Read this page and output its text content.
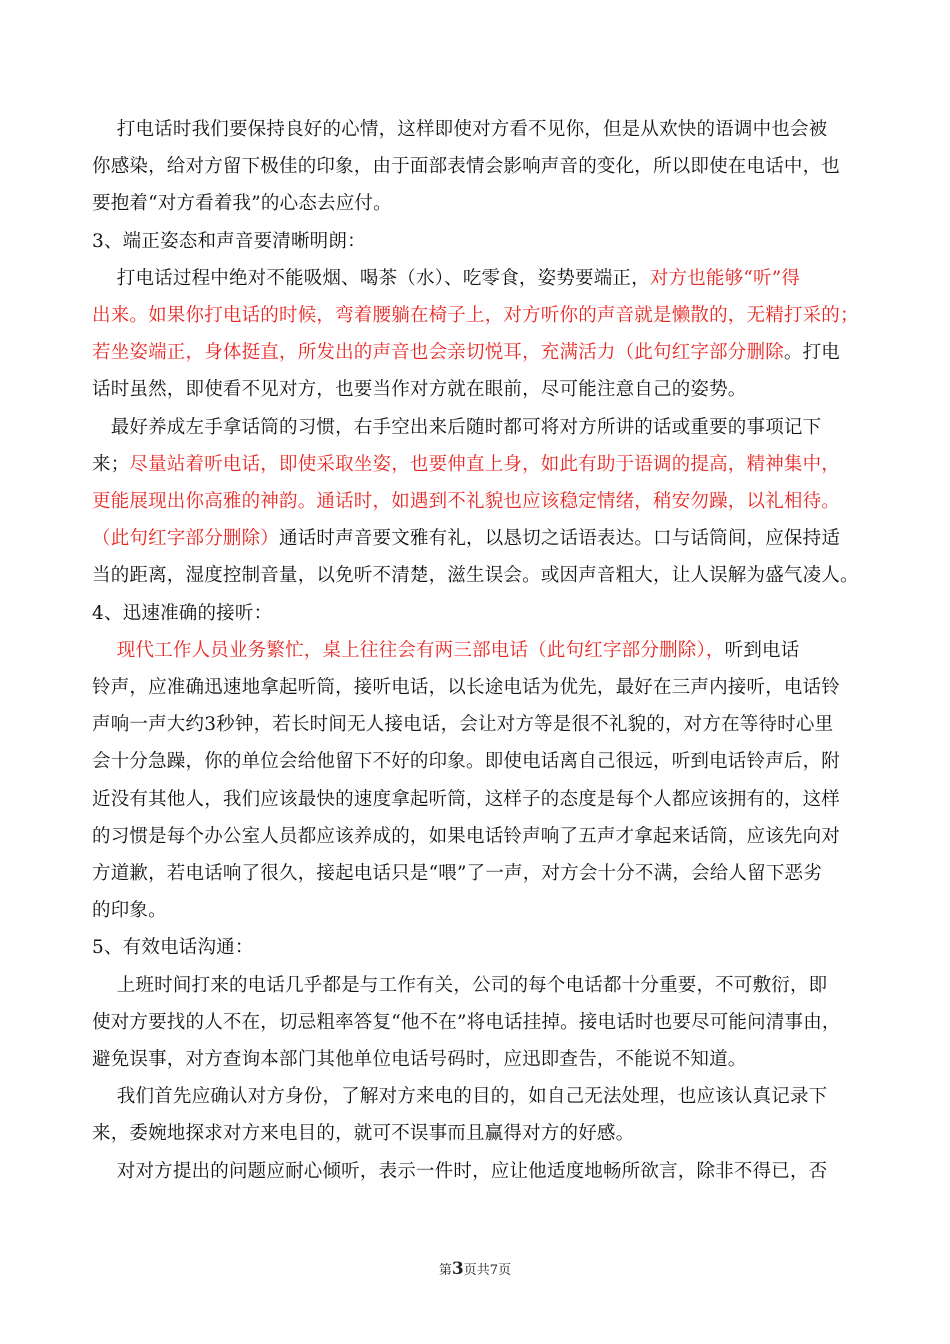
　 打电话时我们要保持良好的心情，这样即使对方看不见你，但是从欢快的语调中也会被
你感染，给对方留下极佳的印象，由于面部表情会影响声音的变化，所以即使在电话中，也
要抱着“对方看着我”的心态去应付。
3、端正姿态和声音要清晰明朗：
　 打电话过程中绝对不能吸烟、喝茶（水）、吃零食，姿势要端正，对方也能够“听”得
出来。如果你打电话的时候，弯着腰躺在椅子上，对方听你的声音就是懒散的，无精打采的；
若坐姿端正，身体挺直，所发出的声音也会亲切悦耳，充满活力（此句红字部分删除。打电
话时虽然，即使看不见对方，也要当作对方就在眼前，尽可能注意自己的姿势。
　最好养成左手拿话筒的习惯，右手空出来后随时都可将对方所讲的话或重要的事项记下
来；尽量站着听电话，即使采取坐姿，也要伸直上身，如此有助于语调的提高，精神集中，
更能展现出你高雅的神韵。通话时，如遇到不礼貌也应该稳定情绪，稍安勿躁，以礼相待。
（此句红字部分删除）通话时声音要文雅有礼，以恳切之话语表达。口与话筒间，应保持适
当的距离，湿度控制音量，以免听不清楚，滋生误会。或因声音粗大，让人误解为盛气凌人。
4、迅速准确的接听：
　 现代工作人员业务繁忙，桌上往往会有两三部电话（此句红字部分删除），听到电话
铃声，应准确迅速地拿起听筒，接听电话，以长途电话为优先，最好在三声内接听，电话铃
声响一声大约3秒钟，若长时间无人接电话，会让对方等是很不礼貌的，对方在等待时心里
会十分急躁，你的单位会给他留下不好的印象。即使电话离自己很远，听到电话铃声后，附
近没有其他人，我们应该最快的速度拿起听筒，这样子的态度是每个人都应该拥有的，这样
的习惯是每个办公室人员都应该养成的，如果电话铃声响了五声才拿起来话筒，应该先向对
方道歉，若电话响了很久，接起电话只是“喂”了一声，对方会十分不满，会给人留下恶劣
的印象。
5、有效电话沟通：
　 上班时间打来的电话几乎都是与工作有关，公司的每个电话都十分重要，不可敷衍，即
使对方要找的人不在，切忌粗率答复“他不在”将电话挂掉。接电话时也要尽可能问清事由，
避免误事，对方查询本部门其他单位电话号码时，应迅即查告，不能说不知道。
　 我们首先应确认对方身份，了解对方来电的目的，如自己无法处理，也应该认真记录下
来，委婉地探求对方来电目的，就可不误事而且赢得对方的好感。
　 对对方提出的问题应耐心倾听，表示一件时，应让他适度地畅所欲言，除非不得已，否
第3页共7页
